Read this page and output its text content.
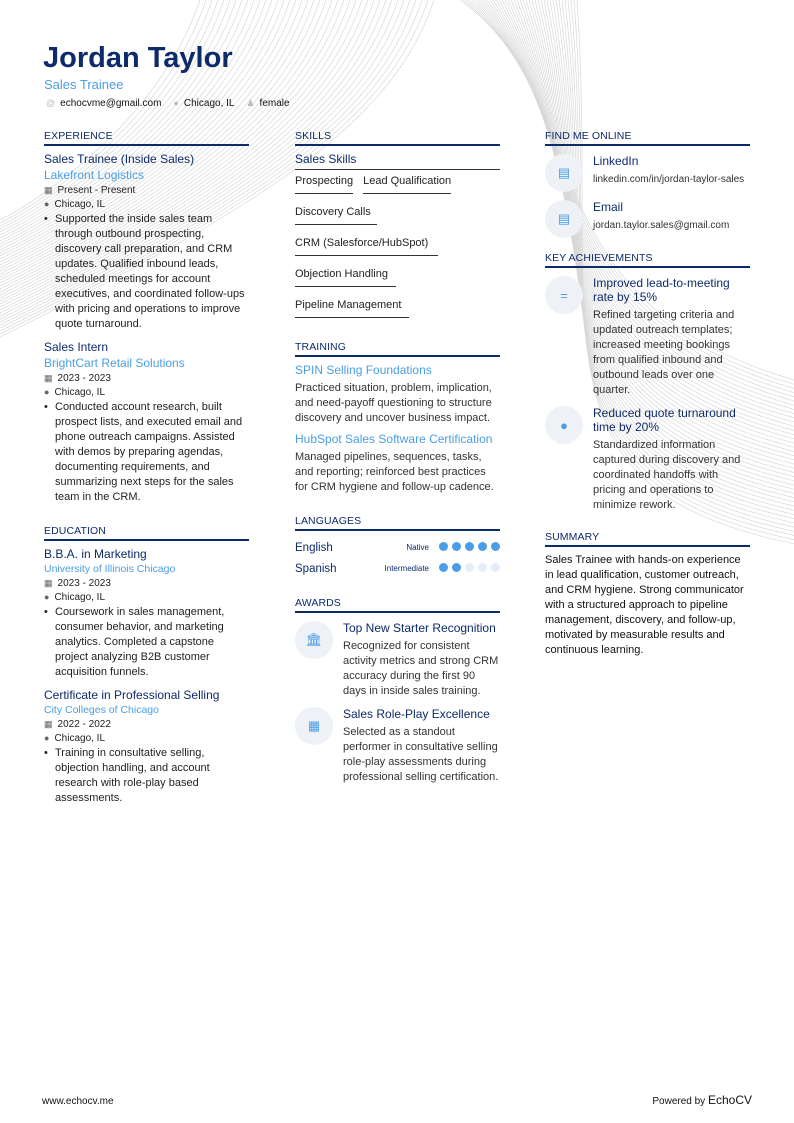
Jordan Taylor
Sales Trainee
@ echocvme@gmail.com ● Chicago, IL ♟ female
EXPERIENCE
Sales Trainee (Inside Sales)
Lakefront Logistics
▦ Present - Present
● Chicago, IL
• Supported the inside sales team through outbound prospecting, discovery call preparation, and CRM updates. Qualified inbound leads, scheduled meetings for account executives, and coordinated follow-ups with pricing and operations to improve quote turnaround.
Sales Intern
BrightCart Retail Solutions
▦ 2023 - 2023
● Chicago, IL
• Conducted account research, built prospect lists, and executed email and phone outreach campaigns. Assisted with demos by preparing agendas, documenting requirements, and summarizing next steps for the sales team in the CRM.
EDUCATION
B.B.A. in Marketing
University of Illinois Chicago
▦ 2023 - 2023
● Chicago, IL
• Coursework in sales management, consumer behavior, and marketing analytics. Completed a capstone project analyzing B2B customer acquisition funnels.
Certificate in Professional Selling
City Colleges of Chicago
▦ 2022 - 2022
● Chicago, IL
• Training in consultative selling, objection handling, and account research with role-play based assessments.
SKILLS
Sales Skills
Prospecting Lead Qualification
Discovery Calls
CRM (Salesforce/HubSpot)
Objection Handling
Pipeline Management
TRAINING
SPIN Selling Foundations
Practiced situation, problem, implication, and need-payoff questioning to structure discovery and uncover business impact.
HubSpot Sales Software Certification
Managed pipelines, sequences, tasks, and reporting; reinforced best practices for CRM hygiene and follow-up cadence.
LANGUAGES
English	Native
Spanish	Intermediate
AWARDS
🏛
Top New Starter Recognition
Recognized for consistent activity metrics and strong CRM accuracy during the first 90 days in inside sales training.
▦
Sales Role-Play Excellence
Selected as a standout performer in consultative selling role-play assessments during professional selling certification.
FIND ME ONLINE
▤
LinkedIn
linkedin.com/in/jordan-taylor-sales
▤
Email
jordan.taylor.sales@gmail.com
KEY ACHIEVEMENTS
=
Improved lead-to-meeting rate by 15%
Refined targeting criteria and updated outreach templates; increased meeting bookings from qualified inbound and outbound leads over one quarter.
●
Reduced quote turnaround time by 20%
Standardized information captured during discovery and coordinated handoffs with pricing and operations to minimize rework.
SUMMARY
Sales Trainee with hands-on experience in lead qualification, customer outreach, and CRM hygiene. Strong communicator with a structured approach to pipeline management, discovery, and follow-up, motivated by measurable results and continuous learning.
www.echocv.me	Powered by EchoCV
